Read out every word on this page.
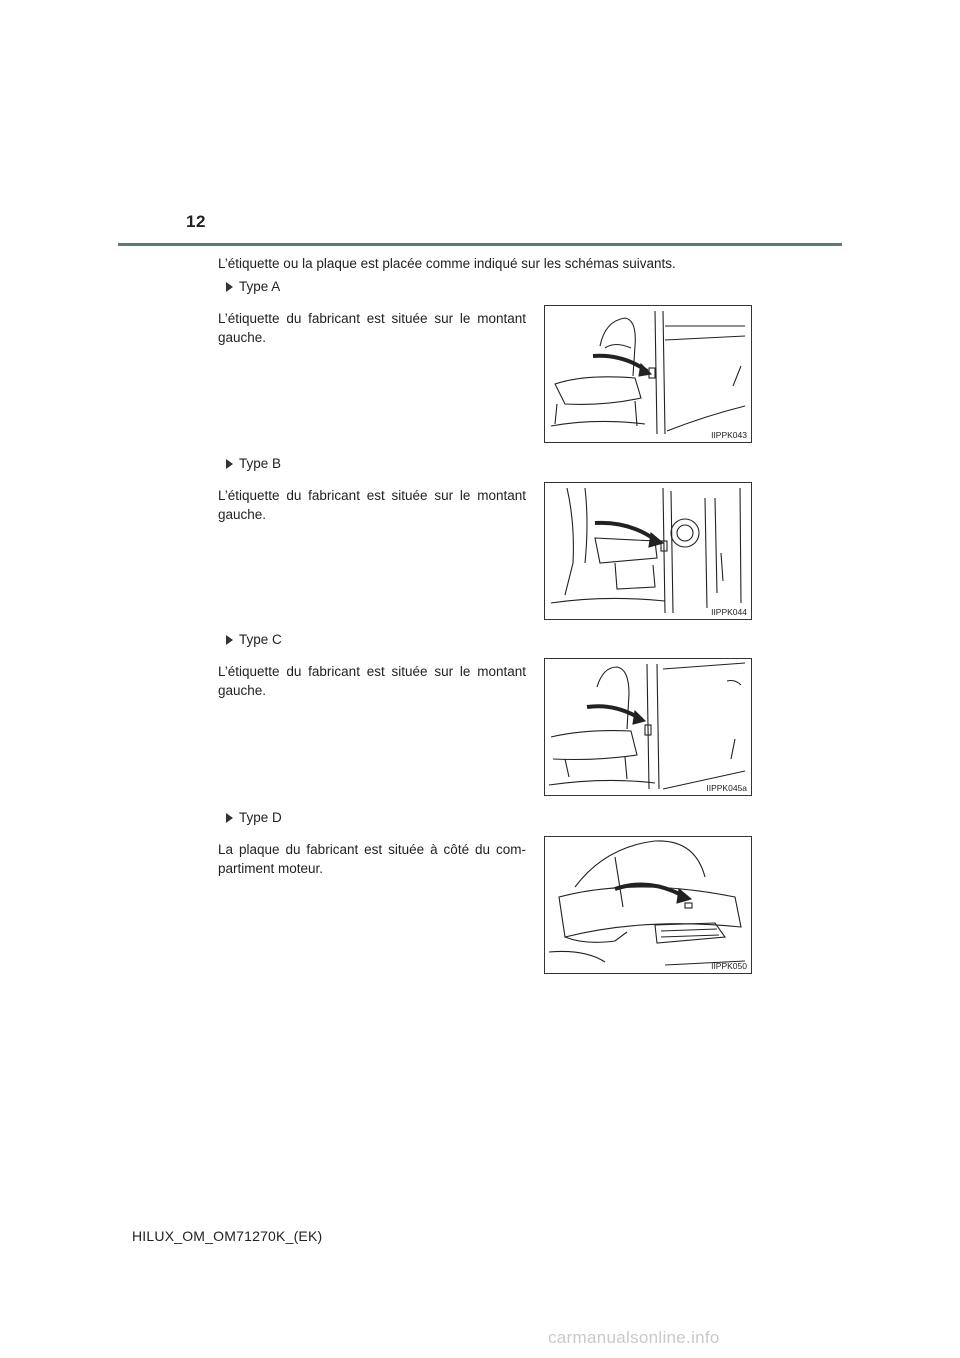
12
L’étiquette ou la plaque est placée comme indiqué sur les schémas suivants.
Type A
L’étiquette du fabricant est située sur le montant gauche.
IIPPK043
Type B
L’étiquette du fabricant est située sur le montant gauche.
IIPPK044
Type C
L’étiquette du fabricant est située sur le montant gauche.
IIPPK045a
Type D
La plaque du fabricant est située à côté du com-partiment moteur.
IIPPK050
HILUX_OM_OM71270K_(EK)
carmanualsonline.info
